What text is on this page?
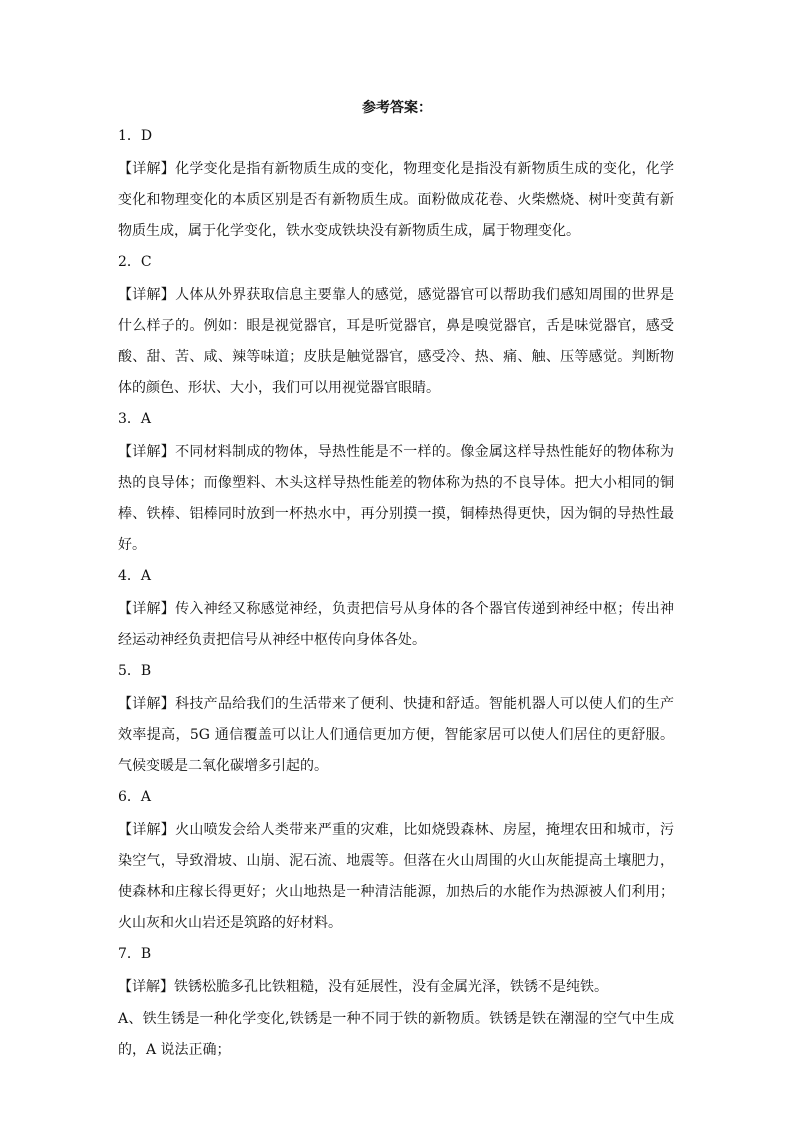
参考答案：
1．D

【详解】化学变化是指有新物质生成的变化，物理变化是指没有新物质生成的变化，化学变化和物理变化的本质区别是否有新物质生成。面粉做成花卷、火柴燃烧、树叶变黄有新物质生成，属于化学变化，铁水变成铁块没有新物质生成，属于物理变化。

2．C

【详解】人体从外界获取信息主要靠人的感觉，感觉器官可以帮助我们感知周围的世界是什么样子的。例如：眼是视觉器官，耳是听觉器官，鼻是嗅觉器官，舌是味觉器官，感受酸、甜、苦、咸、辣等味道；皮肤是触觉器官，感受冷、热、痛、触、压等感觉。判断物体的颜色、形状、大小，我们可以用视觉器官眼睛。

3．A

【详解】不同材料制成的物体，导热性能是不一样的。像金属这样导热性能好的物体称为热的良导体；而像塑料、木头这样导热性能差的物体称为热的不良导体。把大小相同的铜棒、铁棒、铝棒同时放到一杯热水中，再分别摸一摸，铜棒热得更快，因为铜的导热性最好。

4．A

【详解】传入神经又称感觉神经，负责把信号从身体的各个器官传递到神经中枢；传出神经运动神经负责把信号从神经中枢传向身体各处。

5．B

【详解】科技产品给我们的生活带来了便利、快捷和舒适。智能机器人可以使人们的生产效率提高，5G 通信覆盖可以让人们通信更加方便，智能家居可以使人们居住的更舒服。气候变暖是二氧化碳增多引起的。

6．A

【详解】火山喷发会给人类带来严重的灾难，比如烧毁森林、房屋，掩埋农田和城市，污染空气，导致滑坡、山崩、泥石流、地震等。但落在火山周围的火山灰能提高土壤肥力，使森林和庄稼长得更好；火山地热是一种清洁能源，加热后的水能作为热源被人们利用；火山灰和火山岩还是筑路的好材料。

7．B

【详解】铁锈松脆多孔比铁粗糙，没有延展性，没有金属光泽，铁锈不是纯铁。

A、铁生锈是一种化学变化,铁锈是一种不同于铁的新物质。铁锈是铁在潮湿的空气中生成的，A 说法正确；
